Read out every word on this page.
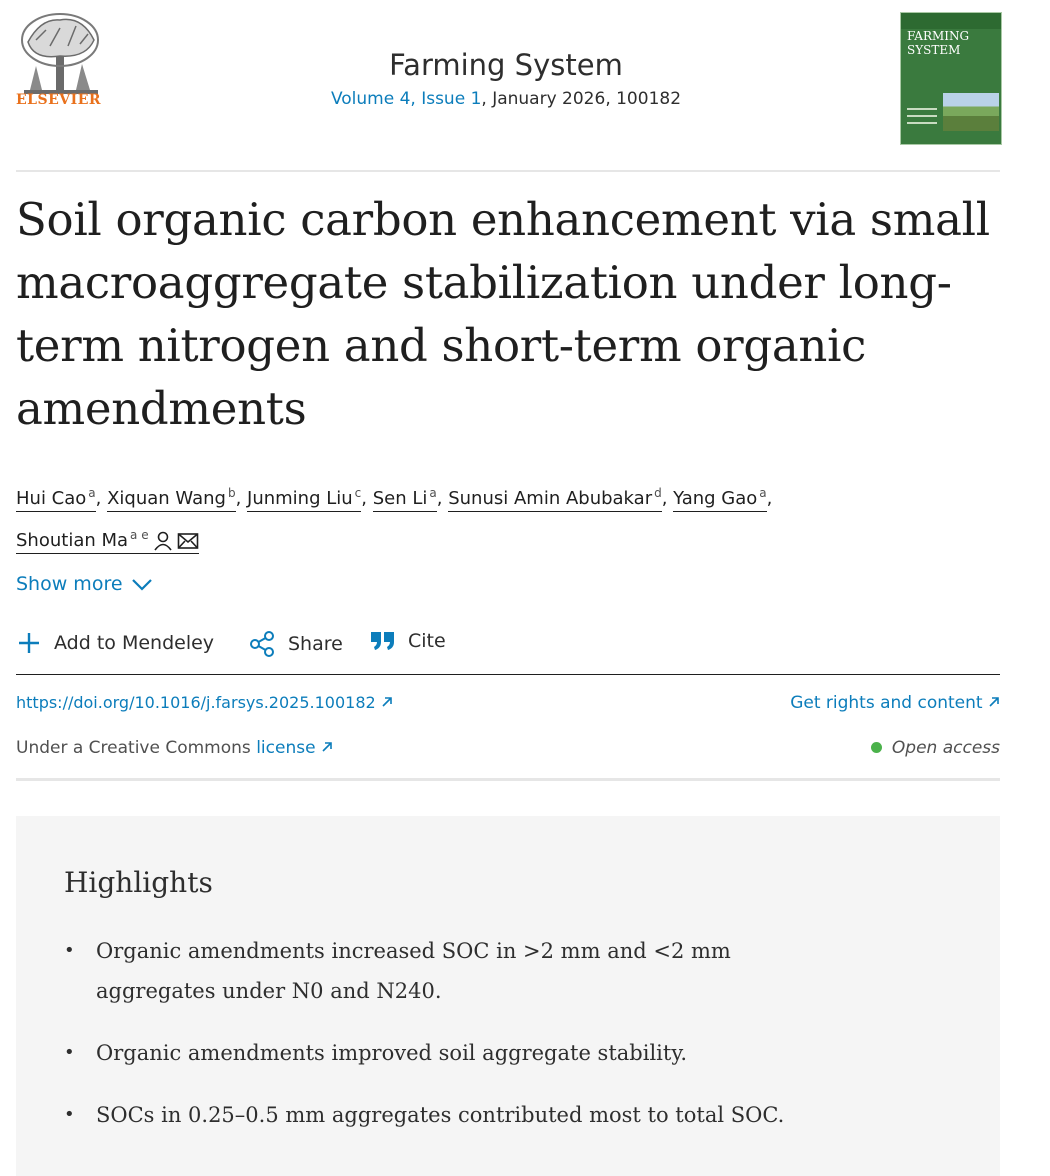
ELSEVIER
Farming System
Volume 4, Issue 1, January 2026, 100182
FARMING SYSTEM
Soil organic carbon enhancement via small macroaggregate stabilization under long-term nitrogen and short-term organic amendments
Hui Cao $^a$, Xiquan Wang $^b$, Junming Liu $^c$, Sen Li $^a$, Sunusi Amin Abubakar $^d$, Yang Gao $^a$,
Shoutian Ma $^{a e}$
Show more
Add to Mendeley	Share	Cite
https://doi.org/10.1016/j.farsys.2025.100182	Get rights and content
Under a Creative Commons license	Open access
Highlights
• Organic amendments increased SOC in >2 mm and <2 mm aggregates under N0 and N240.
• Organic amendments improved soil aggregate stability.
• SOCs in 0.25–0.5 mm aggregates contributed most to total SOC.
